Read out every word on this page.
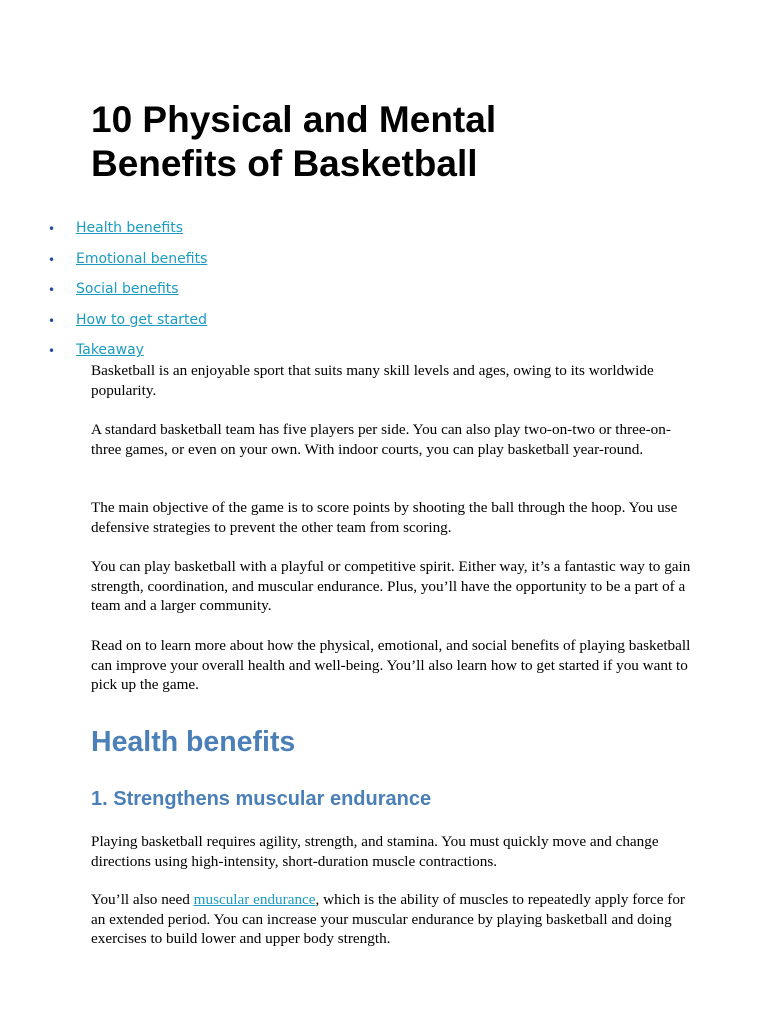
10 Physical and Mental
Benefits of Basketball
• Health benefits
• Emotional benefits
• Social benefits
• How to get started
• Takeaway

Basketball is an enjoyable sport that suits many skill levels and ages, owing to its worldwide popularity.

A standard basketball team has five players per side. You can also play two-on-two or three-on-three games, or even on your own. With indoor courts, you can play basketball year-round.

The main objective of the game is to score points by shooting the ball through the hoop. You use defensive strategies to prevent the other team from scoring.

You can play basketball with a playful or competitive spirit. Either way, it’s a fantastic way to gain strength, coordination, and muscular endurance. Plus, you’ll have the opportunity to be a part of a team and a larger community.

Read on to learn more about how the physical, emotional, and social benefits of playing basketball can improve your overall health and well-being. You’ll also learn how to get started if you want to pick up the game.

Health benefits
1. Strengthens muscular endurance

Playing basketball requires agility, strength, and stamina. You must quickly move and change directions using high-intensity, short-duration muscle contractions.

You’ll also need muscular endurance, which is the ability of muscles to repeatedly apply force for an extended period. You can increase your muscular endurance by playing basketball and doing exercises to build lower and upper body strength.
